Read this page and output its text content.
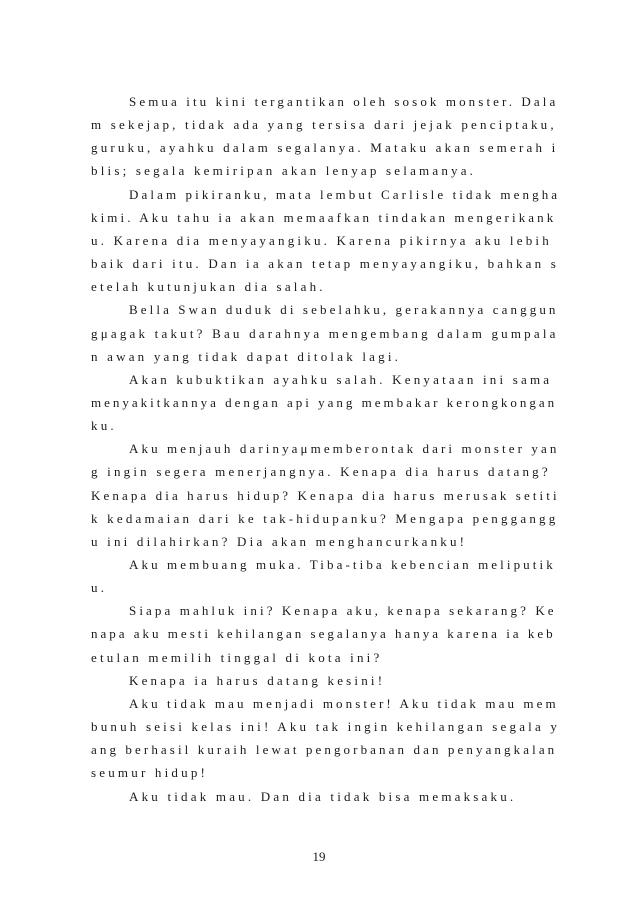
Semua itu kini tergantikan oleh sosok monster. Dala
m sekejap, tidak ada yang tersisa dari jejak penciptaku,
guruku, ayahku dalam segalanya. Mataku akan semerah i
blis; segala kemiripan akan lenyap selamanya.
Dalam pikiranku, mata lembut Carlisle tidak mengha
kimi. Aku tahu ia akan memaafkan tindakan mengerikank
u. Karena dia menyayangiku. Karena pikirnya aku lebih
baik dari itu. Dan ia akan tetap menyayangiku, bahkan s
etelah kutunjukan dia salah.
Bella Swan duduk di sebelahku, gerakannya canggun
gμagak takut? Bau darahnya mengembang dalam gumpala
n awan yang tidak dapat ditolak lagi.
Akan kubuktikan ayahku salah. Kenyataan ini sama
menyakitkannya dengan api yang membakar kerongkongan
ku.
Aku menjauh darinyaμmemberontak dari monster yan
g ingin segera menerjangnya. Kenapa dia harus datang?
Kenapa dia harus hidup? Kenapa dia harus merusak setiti
k kedamaian dari ke tak-hidupanku? Mengapa penggangg
u ini dilahirkan? Dia akan menghancurkanku!
Aku membuang muka. Tiba-tiba kebencian meliputik
u.
Siapa mahluk ini? Kenapa aku, kenapa sekarang? Ke
napa aku mesti kehilangan segalanya hanya karena ia keb
etulan memilih tinggal di kota ini?
Kenapa ia harus datang kesini!
Aku tidak mau menjadi monster! Aku tidak mau mem
bunuh seisi kelas ini! Aku tak ingin kehilangan segala y
ang berhasil kuraih lewat pengorbanan dan penyangkalan
seumur hidup!
Aku tidak mau. Dan dia tidak bisa memaksaku.
19
